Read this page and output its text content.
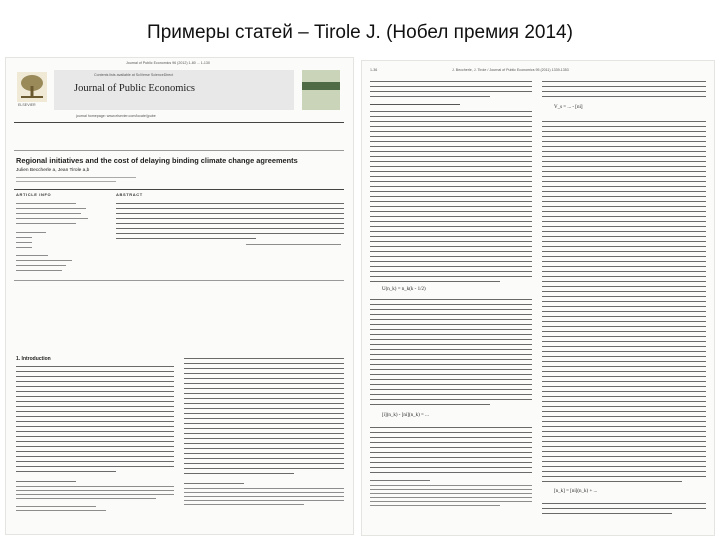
Примеры статей – Tirole J. (Нобел премия 2014)
Journal of Public Economics 96 (2012) 1-80 ... 1-130
ELSEVIER
Contents lists available at SciVerse ScienceDirect
Journal of Public Economics
journal homepage: www.elsevier.com/locate/jpube
Regional initiatives and the cost of delaying binding climate change agreements
Julien Beccherle a, Jean Tirole a,b
ARTICLE INFO	ABSTRACT
1. Introduction
1-36	J. Beccherle, J. Tirole / Journal of Public Economics 95 (2011) 1339-1353
U(n_k) = n_k(k - 1/2)
[i](n_k) - [ni](n_k) = ...
V_s = ... - [ni]
[n_k] = [ni](n_k) + ...
